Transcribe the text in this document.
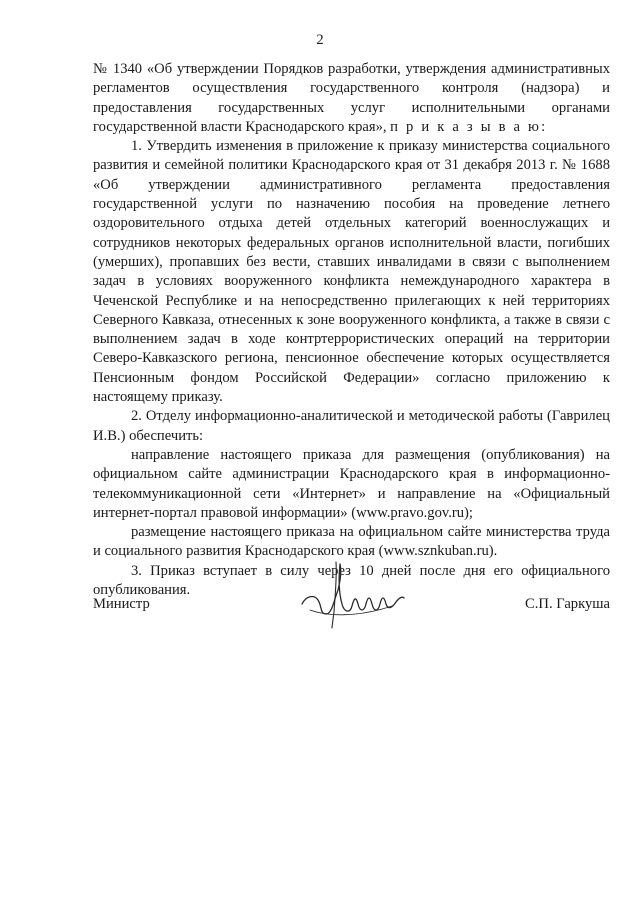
2

№ 1340 «Об утверждении Порядков разработки, утверждения административных регламентов осуществления государственного контроля (надзора) и предоставления государственных услуг исполнительными органами государственной власти Краснодарского края», п р и к а з ы в а ю:

1. Утвердить изменения в приложение к приказу министерства социального развития и семейной политики Краснодарского края от 31 декабря 2013 г. № 1688 «Об утверждении административного регламента предоставления государственной услуги по назначению пособия на проведение летнего оздоровительного отдыха детей отдельных категорий военнослужащих и сотрудников некоторых федеральных органов исполнительной власти, погибших (умерших), пропавших без вести, ставших инвалидами в связи с выполнением задач в условиях вооруженного конфликта немеждународного характера в Чеченской Республике и на непосредственно прилегающих к ней территориях Северного Кавказа, отнесенных к зоне вооруженного конфликта, а также в связи с выполнением задач в ходе контртеррористических операций на территории Северо-Кавказского региона, пенсионное обеспечение которых осуществляется Пенсионным фондом Российской Федерации» согласно приложению к настоящему приказу.

2. Отделу информационно-аналитической и методической работы (Гаврилец И.В.) обеспечить:

направление настоящего приказа для размещения (опубликования) на официальном сайте администрации Краснодарского края в информационно-телекоммуникационной сети «Интернет» и направление на «Официальный интернет-портал правовой информации» (www.pravo.gov.ru);

размещение настоящего приказа на официальном сайте министерства труда и социального развития Краснодарского края (www.sznkuban.ru).

3. Приказ вступает в силу через 10 дней после дня его официального опубликования.

Министр	С.П. Гаркуша
